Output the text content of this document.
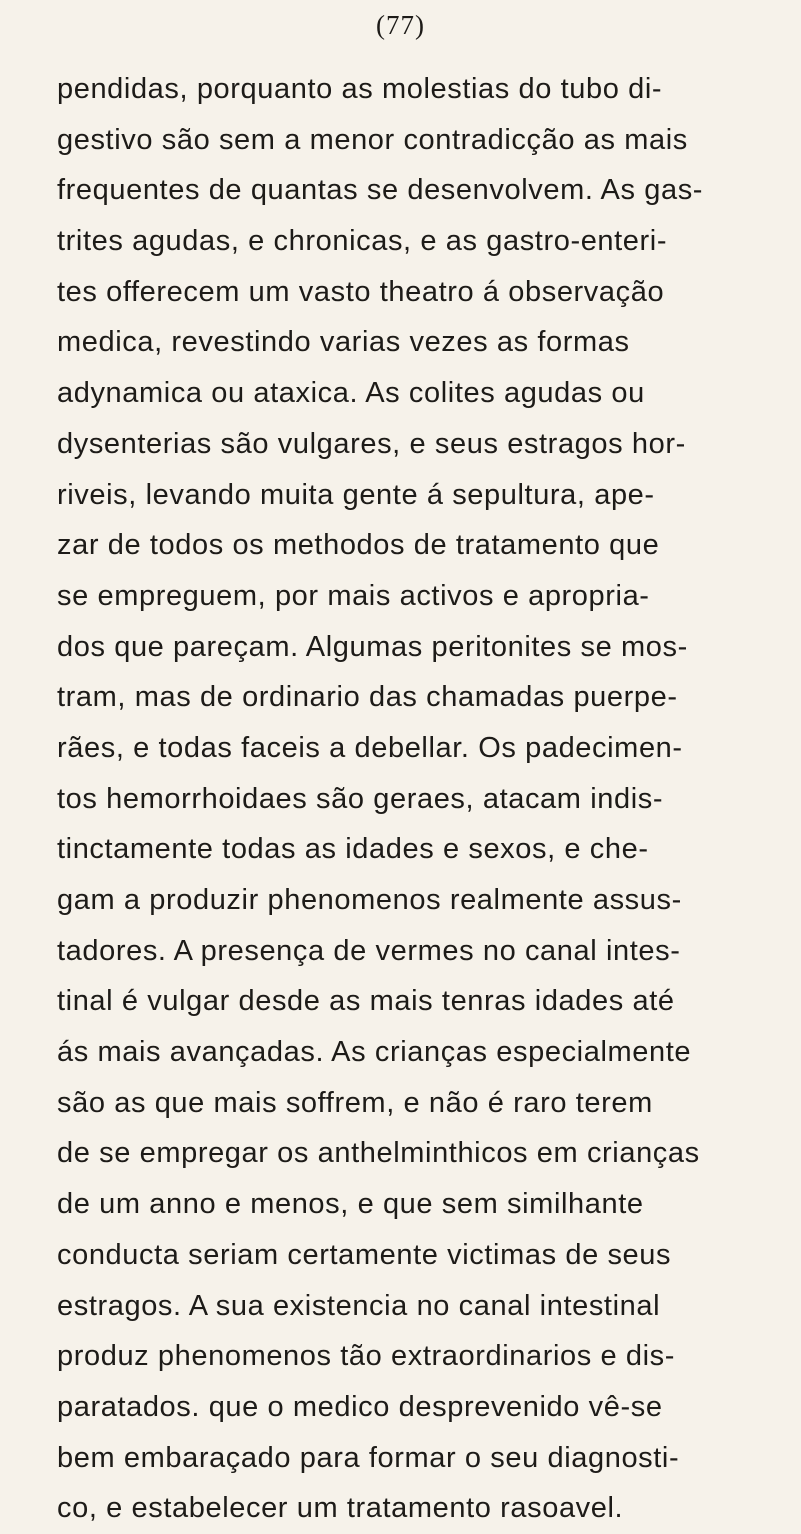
(77)
pendidas, porquanto as molestias do tubo di-
gestivo são sem a menor contradicção as mais
frequentes de quantas se desenvolvem. As gas-
trites agudas, e chronicas, e as gastro-enteri-
tes offerecem um vasto theatro á observação
medica, revestindo varias vezes as formas
adynamica ou ataxica. As colites agudas ou
dysenterias são vulgares, e seus estragos hor-
riveis, levando muita gente á sepultura, ape-
zar de todos os methodos de tratamento que
se empreguem, por mais activos e apropria-
dos que pareçam. Algumas peritonites se mos-
tram, mas de ordinario das chamadas puerpe-
rães, e todas faceis a debellar. Os padecimen-
tos hemorrhoidaes são geraes, atacam indis-
tinctamente todas as idades e sexos, e che-
gam a produzir phenomenos realmente assus-
tadores. A presença de vermes no canal intes-
tinal é vulgar desde as mais tenras idades até
ás mais avançadas. As crianças especialmente
são as que mais soffrem, e não é raro terem
de se empregar os anthelminthicos em crianças
de um anno e menos, e que sem similhante
conducta seriam certamente victimas de seus
estragos. A sua existencia no canal intestinal
produz phenomenos tão extraordinarios e dis-
paratados. que o medico desprevenido vê-se
bem embaraçado para formar o seu diagnosti-
co, e estabelecer um tratamento rasoavel.
